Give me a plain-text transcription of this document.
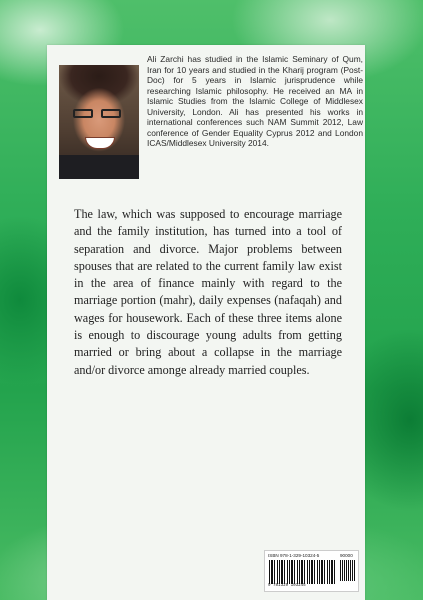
Ali Zarchi has studied in the Islamic Seminary of Qum, Iran for 10 years and studied in the Kharij program (Post-Doc) for 5 years in Islamic jurisprudence while researching Islamic philosophy. He received an MA in Islamic Studies from the Islamic College of Middlesex University, London. Ali has presented his works in international conferences such NAM Summit 2012, Law conference of Gender Equality Cyprus 2012 and London ICAS/Middlesex University 2014.

The law, which was supposed to encourage marriage and the family institution, has turned into a tool of separation and divorce. Major problems between spouses that are related to the current family law exist in the area of finance mainly with regard to the marriage portion (mahr), daily expenses (nafaqah) and wages for housework. Each of these three items alone is enough to discourage young adults from getting married or bring about a collapse in the marriage and/or divorce amonge already married couples.

ISBN 978-1-329-10324-5	90000
9 781329 103245
